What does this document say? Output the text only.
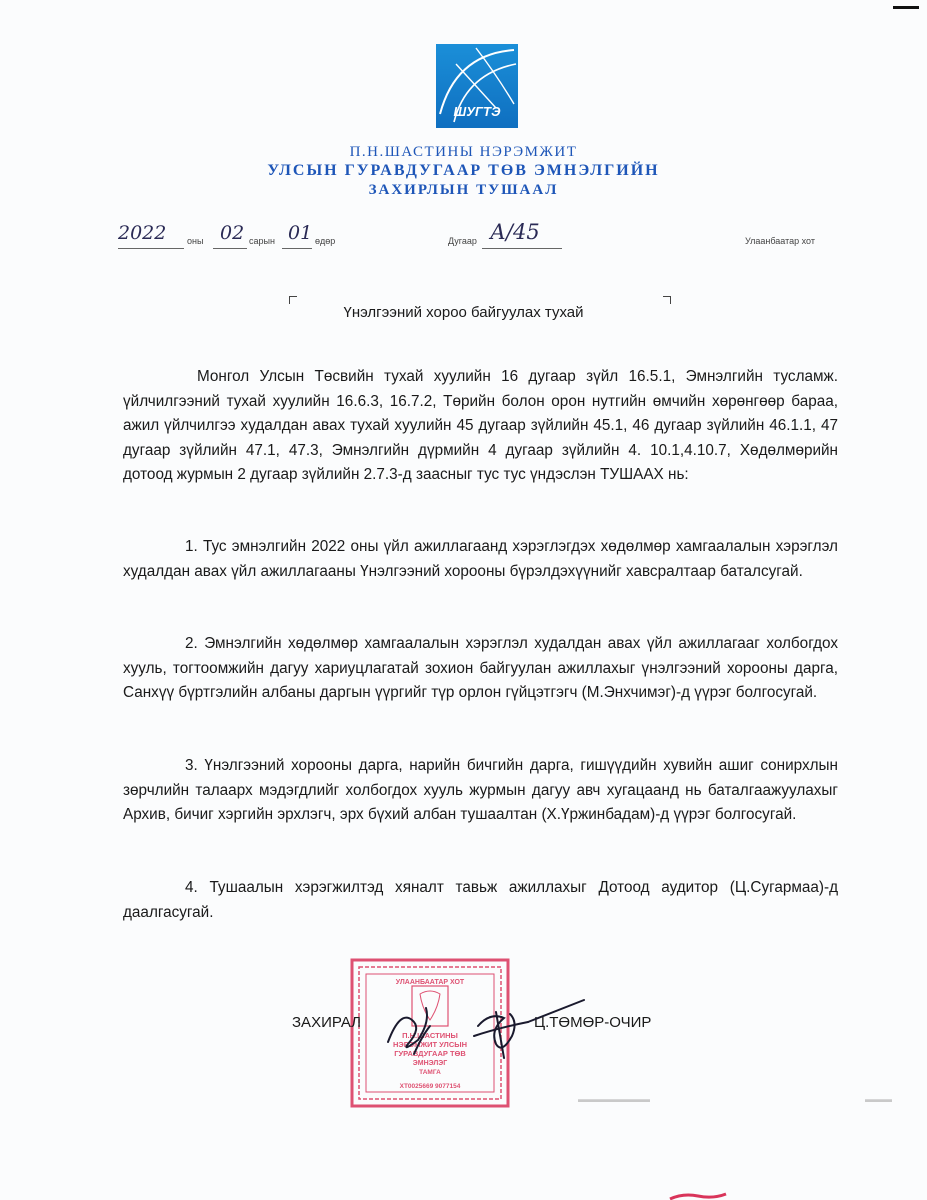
ШУГТЭ
П.Н.ШАСТИНЫ НЭРЭМЖИТ
УЛСЫН ГУРАВДУГААР ТӨВ ЭМНЭЛГИЙН
ЗАХИРЛЫН ТУШААЛ
2022 оны 02 сарын 01 өдөр	Дугаар А/45	Улаанбаатар хот
Үнэлгээний хороо байгуулах тухай
Монгол Улсын Төсвийн тухай хуулийн 16 дугаар зүйл 16.5.1, Эмнэлгийн тусламж. үйлчилгээний тухай хуулийн 16.6.3, 16.7.2, Төрийн болон орон нутгийн өмчийн хөрөнгөөр бараа, ажил үйлчилгээ худалдан авах тухай хуулийн 45 дугаар зүйлийн 45.1, 46 дугаар зүйлийн 46.1.1, 47 дугаар зүйлийн 47.1, 47.3, Эмнэлгийн дүрмийн 4 дугаар зүйлийн 4. 10.1,4.10.7, Хөдөлмөрийн дотоод журмын 2 дугаар зүйлийн 2.7.3-д заасныг тус тус үндэслэн ТУШААХ нь:
1. Тус эмнэлгийн 2022 оны үйл ажиллагаанд хэрэглэгдэх хөдөлмөр хамгаалалын хэрэглэл худалдан авах үйл ажиллагааны Үнэлгээний хорооны бүрэлдэхүүнийг хавсралтаар баталсугай.
2. Эмнэлгийн хөдөлмөр хамгаалалын хэрэглэл худалдан авах үйл ажиллагааг холбогдох хууль, тогтоомжийн дагуу хариуцлагатай зохион байгуулан ажиллахыг үнэлгээний хорооны дарга, Санхүү бүртгэлийн албаны даргын үүргийг түр орлон гүйцэтгэгч (М.Энхчимэг)-д үүрэг болгосугай.
3. Үнэлгээний хорооны дарга, нарийн бичгийн дарга, гишүүдийн хувийн ашиг сонирхлын зөрчлийн талаарх мэдэгдлийг холбогдох хууль журмын дагуу авч хугацаанд нь баталгаажуулахыг Архив, бичиг хэргийн эрхлэгч, эрх бүхий албан тушаалтан (Х.Үржинбадам)-д үүрэг болгосугай.
4. Тушаалын хэрэгжилтэд хяналт тавьж ажиллахыг Дотоод аудитор (Ц.Сугармаа)-д даалгасугай.
УЛААНБААТАР ХОТ
П.Н.ШАСТИНЫ
НЭРЭМЖИТ УЛСЫН
ГУРАВДУГААР ТӨВ
ЭМНЭЛЭГ
ТАМГА
ХТ0025669 9077154
ЗАХИРАЛ	Ц.ТӨМӨР-ОЧИР
▬▬▬▬▬▬▬▬	▬▬▬
